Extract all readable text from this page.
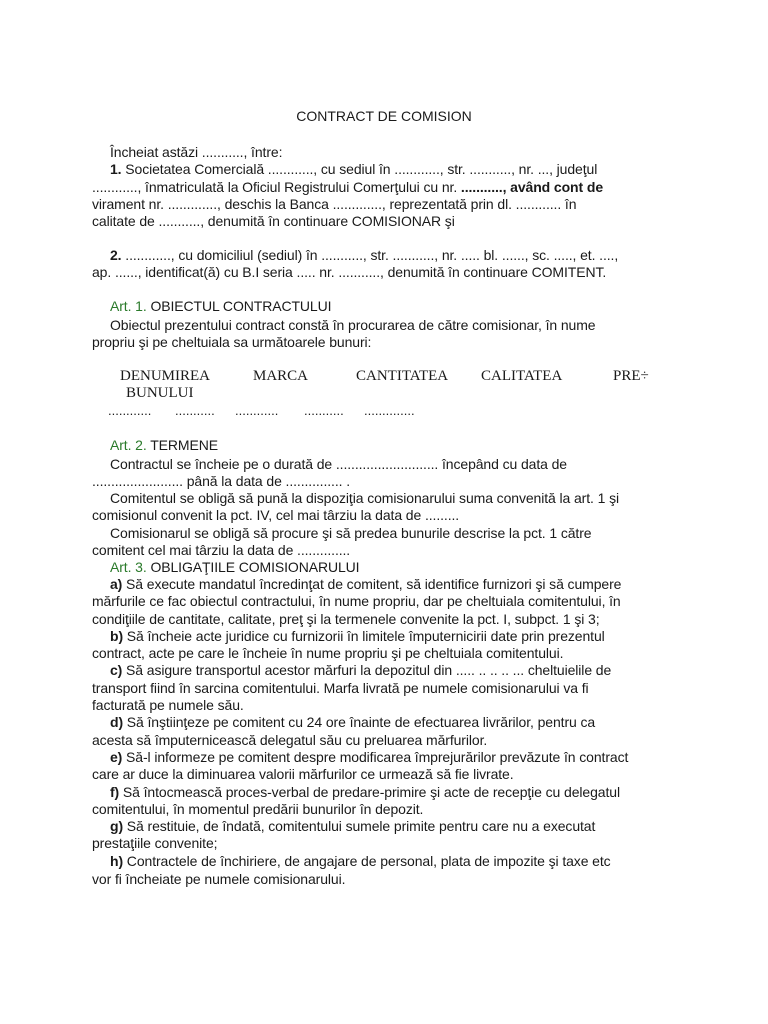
CONTRACT DE COMISION
Încheiat astăzi ..........., între:
1. Societatea Comercială ............, cu sediul în ............, str. ..........., nr. ..., judeţul
............, înmatriculată la Oficiul Registrului Comerţului cu nr. ..........., având cont de
virament nr. ............., deschis la Banca ............., reprezentată prin dl. ............ în
calitate de ..........., denumită în continuare COMISIONAR şi
2. ............, cu domiciliul (sediul) în ..........., str. ..........., nr. ..... bl. ......, sc. ....., et. ....,
ap. ......, identificat(ă) cu B.I seria ..... nr. ..........., denumită în continuare COMITENT.
Art. 1. OBIECTUL CONTRACTULUI
Obiectul prezentului contract constă în procurarea de către comisionar, în nume
propriu şi pe cheltuiala sa următoarele bunuri:
DENUMIREA
BUNULUI
MARCA	CANTITATEA CALITATEA	PRE÷
............ ........... ............ ........... ..............
Art. 2. TERMENE
Contractul se încheie pe o durată de ........................... începând cu data de
........................ până la data de ............... .
Comitentul se obligă să pună la dispoziţia comisionarului suma convenită la art. 1 şi
comisionul convenit la pct. IV, cel mai târziu la data de .........
Comisionarul se obligă să procure şi să predea bunurile descrise la pct. 1 către
comitent cel mai târziu la data de ..............
Art. 3. OBLIGAŢIILE COMISIONARULUI
a) Să execute mandatul încredinţat de comitent, să identifice furnizori şi să cumpere
mărfurile ce fac obiectul contractului, în nume propriu, dar pe cheltuiala comitentului, în
condiţiile de cantitate, calitate, preţ şi la termenele convenite la pct. I, subpct. 1 şi 3;
b) Să încheie acte juridice cu furnizorii în limitele împuternicirii date prin prezentul
contract, acte pe care le încheie în nume propriu şi pe cheltuiala comitentului.
c) Să asigure transportul acestor mărfuri la depozitul din ..... .. .. .. ... cheltuielile de
transport fiind în sarcina comitentului. Marfa livrată pe numele comisionarului va fi
facturată pe numele său.
d) Să înştiinţeze pe comitent cu 24 ore înainte de efectuarea livrărilor, pentru ca
acesta să împuternicească delegatul său cu preluarea mărfurilor.
e) Să-l informeze pe comitent despre modificarea împrejurărilor prevăzute în contract
care ar duce la diminuarea valorii mărfurilor ce urmează să fie livrate.
f) Să întocmească proces-verbal de predare-primire şi acte de recepţie cu delegatul
comitentului, în momentul predării bunurilor în depozit.
g) Să restituie, de îndată, comitentului sumele primite pentru care nu a executat
prestaţiile convenite;
h) Contractele de închiriere, de angajare de personal, plata de impozite şi taxe etc
vor fi încheiate pe numele comisionarului.
